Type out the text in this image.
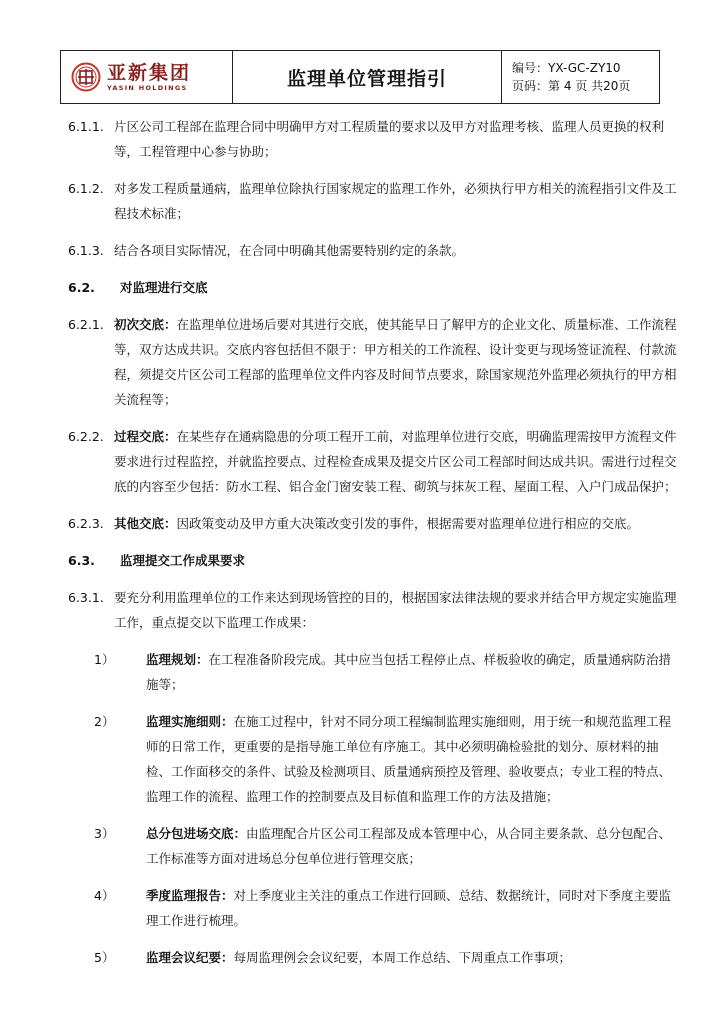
亚新集团
YASIN HOLDINGS	监理单位管理指引	编号：YX-GC-ZY10
页码：第 4 页 共20页
6.1.1. 片区公司工程部在监理合同中明确甲方对工程质量的要求以及甲方对监理考核、监理人员更换的权利等，工程管理中心参与协助；
6.1.2. 对多发工程质量通病，监理单位除执行国家规定的监理工作外，必须执行甲方相关的流程指引文件及工程技术标准；
6.1.3. 结合各项目实际情况，在合同中明确其他需要特别约定的条款。
6.2.	对监理进行交底
6.2.1. 初次交底：在监理单位进场后要对其进行交底，使其能早日了解甲方的企业文化、质量标准、工作流程等，双方达成共识。交底内容包括但不限于：甲方相关的工作流程、设计变更与现场签证流程、付款流程，须提交片区公司工程部的监理单位文件内容及时间节点要求，除国家规范外监理必须执行的甲方相关流程等；
6.2.2. 过程交底：在某些存在通病隐患的分项工程开工前，对监理单位进行交底，明确监理需按甲方流程文件要求进行过程监控，并就监控要点、过程检查成果及提交片区公司工程部时间达成共识。需进行过程交底的内容至少包括：防水工程、铝合金门窗安装工程、砌筑与抹灰工程、屋面工程、入户门成品保护；
6.2.3. 其他交底：因政策变动及甲方重大决策改变引发的事件，根据需要对监理单位进行相应的交底。
6.3.	监理提交工作成果要求
6.3.1. 要充分利用监理单位的工作来达到现场管控的目的，根据国家法律法规的要求并结合甲方规定实施监理工作，重点提交以下监理工作成果：
1）	监理规划：在工程准备阶段完成。其中应当包括工程停止点、样板验收的确定，质量通病防治措施等；
2）	监理实施细则：在施工过程中，针对不同分项工程编制监理实施细则，用于统一和规范监理工程师的日常工作，更重要的是指导施工单位有序施工。其中必须明确检验批的划分、原材料的抽检、工作面移交的条件、试验及检测项目、质量通病预控及管理、验收要点；专业工程的特点、监理工作的流程、监理工作的控制要点及目标值和监理工作的方法及措施；
3）	总分包进场交底：由监理配合片区公司工程部及成本管理中心，从合同主要条款、总分包配合、工作标准等方面对进场总分包单位进行管理交底；
4）	季度监理报告：对上季度业主关注的重点工作进行回顾、总结、数据统计，同时对下季度主要监理工作进行梳理。
5）	监理会议纪要：每周监理例会会议纪要，本周工作总结、下周重点工作事项；
